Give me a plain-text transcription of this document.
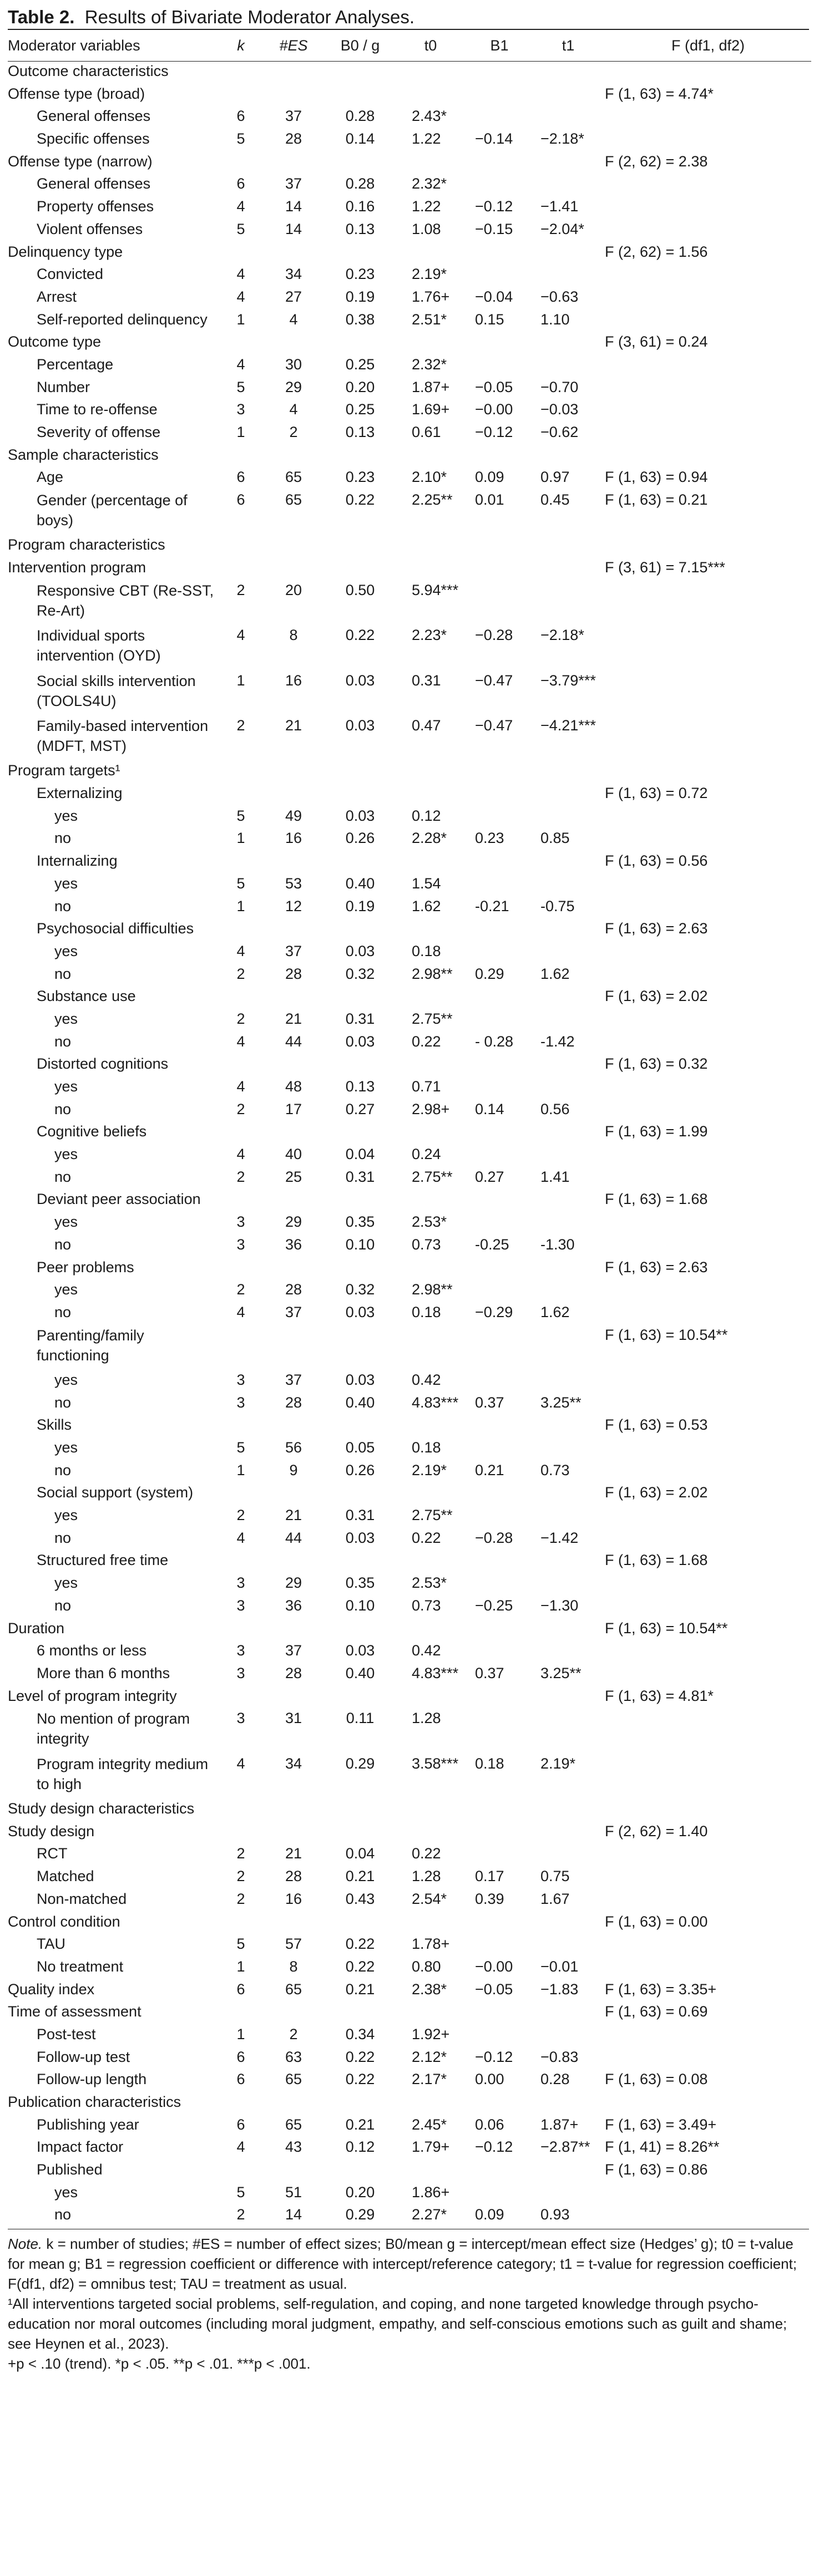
Table 2. Results of Bivariate Moderator Analyses.
Moderator variables	k	#ES	B0 / g	t0	B1	t1	F (df1, df2)
Outcome characteristics							
Offense type (broad)							F (1, 63) = 4.74*
General offenses	6	37	0.28	2.43*			
Specific offenses	5	28	0.14	1.22	−0.14	−2.18*	
Offense type (narrow)							F (2, 62) = 2.38
General offenses	6	37	0.28	2.32*			
Property offenses	4	14	0.16	1.22	−0.12	−1.41	
Violent offenses	5	14	0.13	1.08	−0.15	−2.04*	
Delinquency type							F (2, 62) = 1.56
Convicted	4	34	0.23	2.19*			
Arrest	4	27	0.19	1.76+	−0.04	−0.63	
Self-reported delinquency	1	4	0.38	2.51*	0.15	1.10	
Outcome type							F (3, 61) = 0.24
Percentage	4	30	0.25	2.32*			
Number	5	29	0.20	1.87+	−0.05	−0.70	
Time to re-offense	3	4	0.25	1.69+	−0.00	−0.03	
Severity of offense	1	2	0.13	0.61	−0.12	−0.62	
Sample characteristics							
Age	6	65	0.23	2.10*	0.09	0.97	F (1, 63) = 0.94
Gender (percentage of boys)	6	65	0.22	2.25**	0.01	0.45	F (1, 63) = 0.21
Program characteristics							
Intervention program							F (3, 61) = 7.15***
Responsive CBT (Re-SST, Re-Art)	2	20	0.50	5.94***			
Individual sports intervention (OYD)	4	8	0.22	2.23*	−0.28	−2.18*	
Social skills intervention (TOOLS4U)	1	16	0.03	0.31	−0.47	−3.79***	
Family-based intervention (MDFT, MST)	2	21	0.03	0.47	−0.47	−4.21***	
Program targets¹							
Externalizing							F (1, 63) = 0.72
yes	5	49	0.03	0.12			
no	1	16	0.26	2.28*	0.23	0.85	
Internalizing							F (1, 63) = 0.56
yes	5	53	0.40	1.54			
no	1	12	0.19	1.62	-0.21	-0.75	
Psychosocial difficulties							F (1, 63) = 2.63
yes	4	37	0.03	0.18			
no	2	28	0.32	2.98**	0.29	1.62	
Substance use							F (1, 63) = 2.02
yes	2	21	0.31	2.75**			
no	4	44	0.03	0.22	- 0.28	-1.42	
Distorted cognitions							F (1, 63) = 0.32
yes	4	48	0.13	0.71			
no	2	17	0.27	2.98+	0.14	0.56	
Cognitive beliefs							F (1, 63) = 1.99
yes	4	40	0.04	0.24			
no	2	25	0.31	2.75**	0.27	1.41	
Deviant peer association							F (1, 63) = 1.68
yes	3	29	0.35	2.53*			
no	3	36	0.10	0.73	-0.25	-1.30	
Peer problems							F (1, 63) = 2.63
yes	2	28	0.32	2.98**			
no	4	37	0.03	0.18	−0.29	1.62	
Parenting/family functioning							F (1, 63) = 10.54**
yes	3	37	0.03	0.42			
no	3	28	0.40	4.83***	0.37	3.25**	
Skills							F (1, 63) = 0.53
yes	5	56	0.05	0.18			
no	1	9	0.26	2.19*	0.21	0.73	
Social support (system)							F (1, 63) = 2.02
yes	2	21	0.31	2.75**			
no	4	44	0.03	0.22	−0.28	−1.42	
Structured free time							F (1, 63) = 1.68
yes	3	29	0.35	2.53*			
no	3	36	0.10	0.73	−0.25	−1.30	
Duration							F (1, 63) = 10.54**
6 months or less	3	37	0.03	0.42			
More than 6 months	3	28	0.40	4.83***	0.37	3.25**	
Level of program integrity							F (1, 63) = 4.81*
No mention of program integrity	3	31	0.11	1.28			
Program integrity medium to high	4	34	0.29	3.58***	0.18	2.19*	
Study design characteristics							
Study design							F (2, 62) = 1.40
RCT	2	21	0.04	0.22			
Matched	2	28	0.21	1.28	0.17	0.75	
Non-matched	2	16	0.43	2.54*	0.39	1.67	
Control condition							F (1, 63) = 0.00
TAU	5	57	0.22	1.78+			
No treatment	1	8	0.22	0.80	−0.00	−0.01	
Quality index	6	65	0.21	2.38*	−0.05	−1.83	F (1, 63) = 3.35+
Time of assessment							F (1, 63) = 0.69
Post-test	1	2	0.34	1.92+			
Follow-up test	6	63	0.22	2.12*	−0.12	−0.83	
Follow-up length	6	65	0.22	2.17*	0.00	0.28	F (1, 63) = 0.08
Publication characteristics							
Publishing year	6	65	0.21	2.45*	0.06	1.87+	F (1, 63) = 3.49+
Impact factor	4	43	0.12	1.79+	−0.12	−2.87**	F (1, 41) = 8.26**
Published							F (1, 63) = 0.86
yes	5	51	0.20	1.86+			
no	2	14	0.29	2.27*	0.09	0.93	

Note. k = number of studies; #ES = number of effect sizes; B0/mean g = intercept/mean effect size (Hedges’ g); t0 = t-value for mean g; B1 = regression coefficient or difference with intercept/reference category; t1 = t-value for regression coefficient; F(df1, df2) = omnibus test; TAU = treatment as usual.

¹All interventions targeted social problems, self-regulation, and coping, and none targeted knowledge through psycho-education nor moral outcomes (including moral judgment, empathy, and self-conscious emotions such as guilt and shame; see Heynen et al., 2023).

+p < .10 (trend). *p < .05. **p < .01. ***p < .001.
